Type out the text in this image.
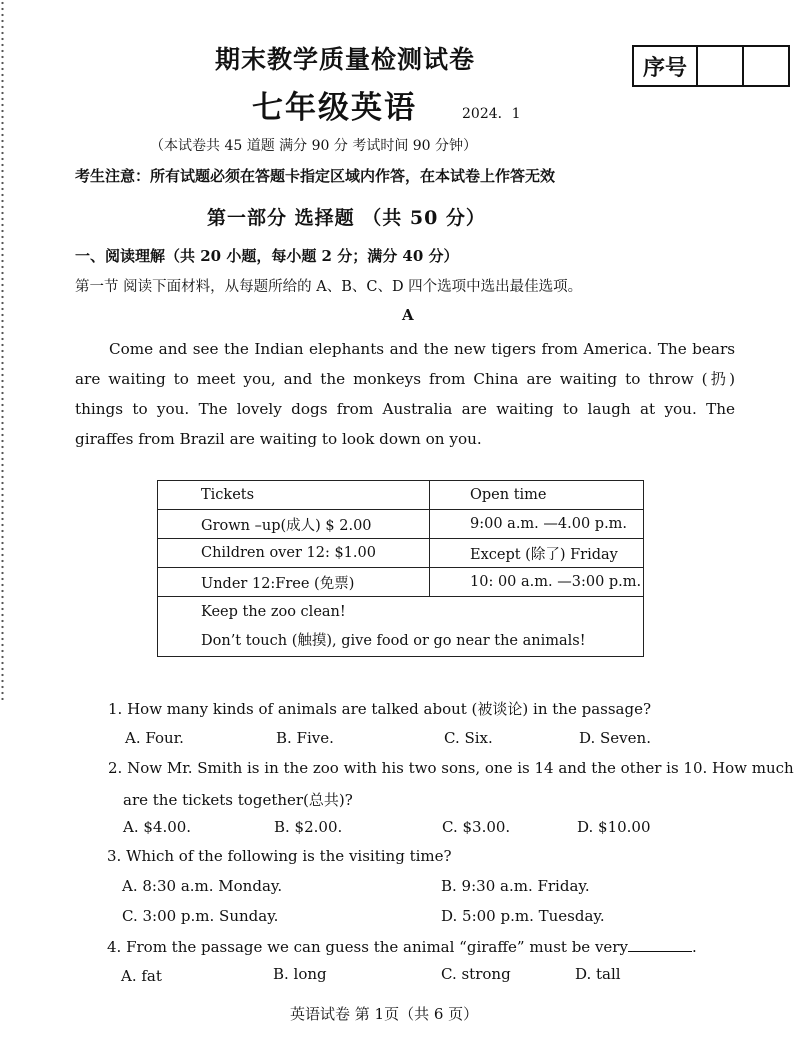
期末教学质量检测试卷
七年级英语	2024．1
序号
（本试卷共 45 道题 满分 90 分 考试时间 90 分钟）
考生注意：所有试题必须在答题卡指定区域内作答，在本试卷上作答无效
第一部分 选择题 （共 50 分）
一、阅读理解（共 20 小题，每小题 2 分；满分 40 分）
第一节 阅读下面材料，从每题所给的 A、B、C、D 四个选项中选出最佳选项。
A
Come and see the Indian elephants and the new tigers from America. The bears are waiting to meet you, and the monkeys from China are waiting to throw (扔) things to you. The lovely dogs from Australia are waiting to laugh at you. The giraffes from Brazil are waiting to look down on you.
Tickets	Open time
Grown –up(成人) $ 2.00	9:00 a.m. —4.00 p.m.
Children over 12: $1.00	Except (除了) Friday
Under 12:Free (免票)	10: 00 a.m. —3:00 p.m.

Keep the zoo clean!
Don’t touch (触摸), give food or go near the animals!	
1. How many kinds of animals are talked about (被谈论) in the passage?
A. Four.	B. Five.	C. Six.	D. Seven.
2. Now Mr. Smith is in the zoo with his two sons, one is 14 and the other is 10. How much
are the tickets together(总共)?
A. $4.00.	B. $2.00.	C. $3.00.	D. $10.00
3. Which of the following is the visiting time?
A. 8:30 a.m. Monday.	B. 9:30 a.m. Friday.
C. 3:00 p.m. Sunday.	D. 5:00 p.m. Tuesday.
4. From the passage we can guess the animal “giraffe” must be very	.
A. fat	B. long	C. strong	D. tall
英语试卷 第 1页（共 6 页）
